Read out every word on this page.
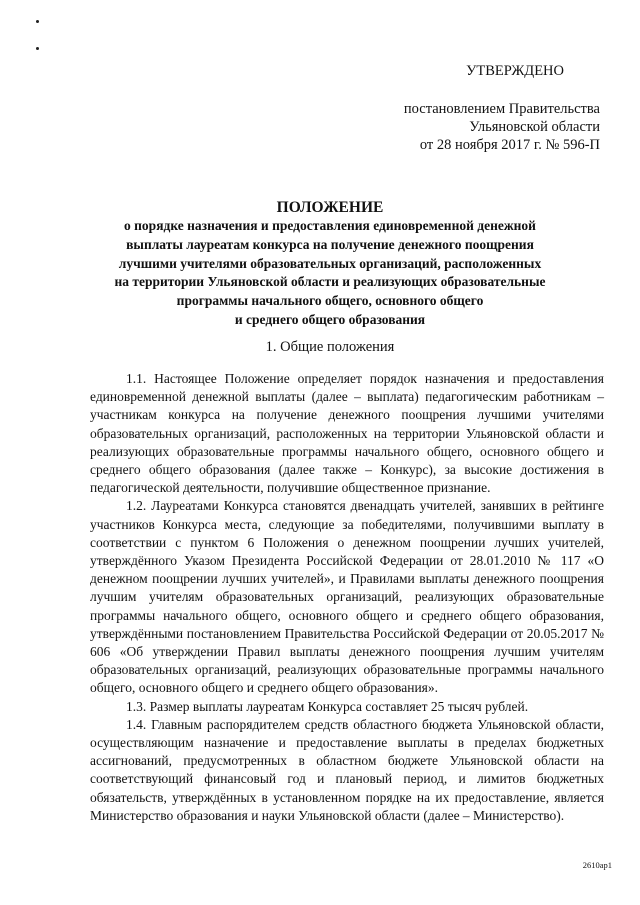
УТВЕРЖДЕНО
постановлением Правительства
Ульяновской области
от 28 ноября 2017 г. № 596-П
ПОЛОЖЕНИЕ
о порядке назначения и предоставления единовременной денежной
выплаты лауреатам конкурса на получение денежного поощрения
лучшими учителями образовательных организаций, расположенных
на территории Ульяновской области и реализующих образовательные
программы начального общего, основного общего
и среднего общего образования
1. Общие положения

1.1. Настоящее Положение определяет порядок назначения и предоставления единовременной денежной выплаты (далее – выплата) педагогическим работникам – участникам конкурса на получение денежного поощрения лучшими учителями образовательных организаций, расположенных на территории Ульяновской области и реализующих образовательные программы начального общего, основного общего и среднего общего образования (далее также – Конкурс), за высокие достижения в педагогической деятельности, получившие общественное признание.

1.2. Лауреатами Конкурса становятся двенадцать учителей, занявших в рейтинге участников Конкурса места, следующие за победителями, получившими выплату в соответствии с пунктом 6 Положения о денежном поощрении лучших учителей, утверждённого Указом Президента Российской Федерации от 28.01.2010 № 117 «О денежном поощрении лучших учителей», и Правилами выплаты денежного поощрения лучшим учителям образовательных организаций, реализующих образовательные программы начального общего, основного общего и среднего общего образования, утверждёнными постановлением Правительства Российской Федерации от 20.05.2017 № 606 «Об утверждении Правил выплаты денежного поощрения лучшим учителям образовательных организаций, реализующих образовательные программы начального общего, основного общего и среднего общего образования».

1.3. Размер выплаты лауреатам Конкурса составляет 25 тысяч рублей.

1.4. Главным распорядителем средств областного бюджета Ульяновской области, осуществляющим назначение и предоставление выплаты в пределах бюджетных ассигнований, предусмотренных в областном бюджете Ульяновской области на соответствующий финансовый год и плановый период, и лимитов бюджетных обязательств, утверждённых в установленном порядке на их предоставление, является Министерство образования и науки Ульяновской области (далее – Министерство).

2610ap1
